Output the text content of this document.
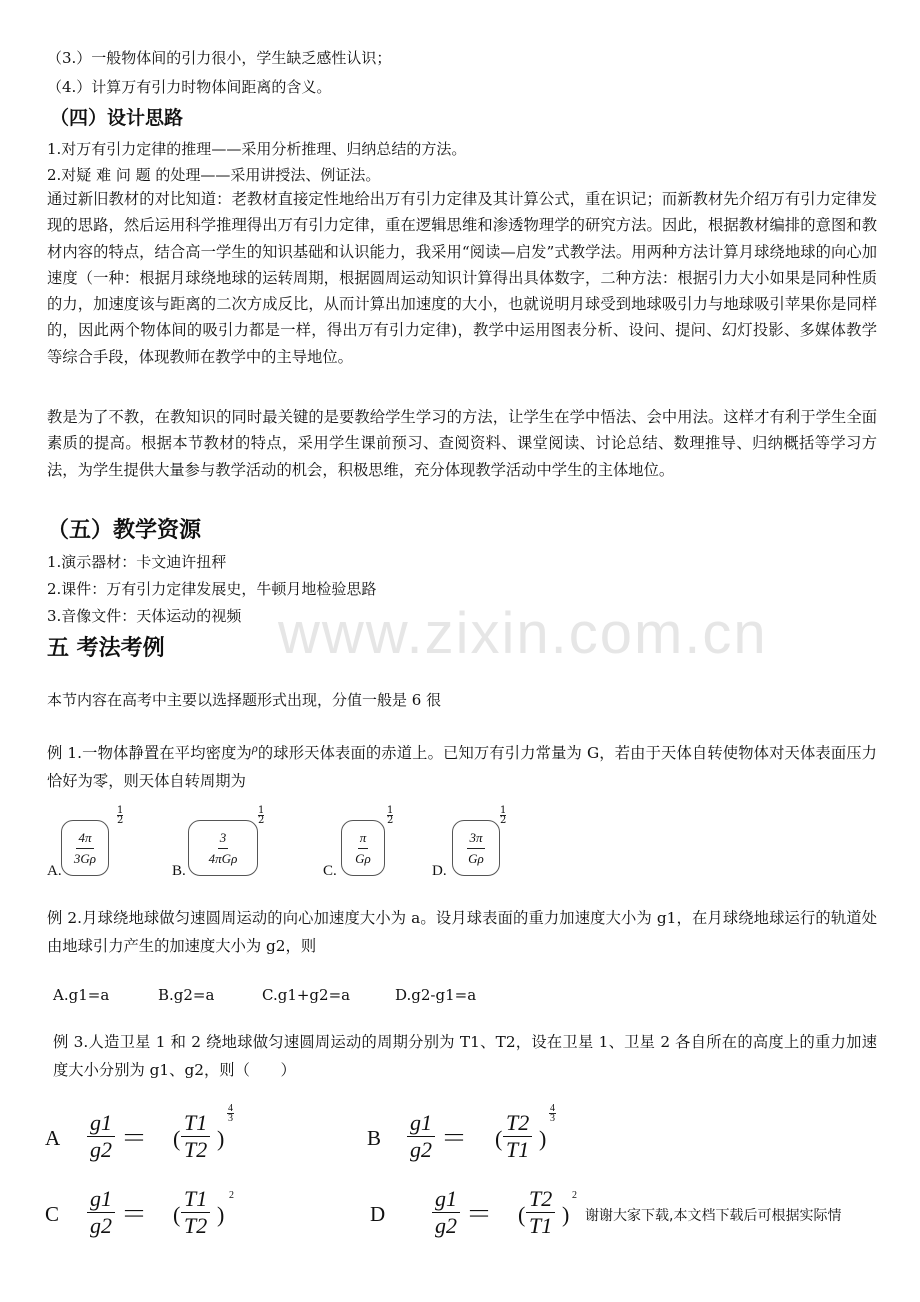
www.zixin.com.cn
（3.）一般物体间的引力很小，学生缺乏感性认识；
（4.）计算万有引力时物体间距离的含义。
（四）设计思路
1.对万有引力定律的推理——采用分析推理、归纳总结的方法。
2.对疑 难 问 题 的处理——采用讲授法、例证法。
通过新旧教材的对比知道：老教材直接定性地给出万有引力定律及其计算公式，重在识记；而新教材先介绍万有引力定律发现的思路，然后运用科学推理得出万有引力定律，重在逻辑思维和渗透物理学的研究方法。因此，根据教材编排的意图和教材内容的特点，结合高一学生的知识基础和认识能力，我采用“阅读—启发”式教学法。用两种方法计算月球绕地球的向心加速度（一种：根据月球绕地球的运转周期，根据圆周运动知识计算得出具体数字，二种方法：根据引力大小如果是同种性质的力，加速度该与距离的二次方成反比，从而计算出加速度的大小，也就说明月球受到地球吸引力与地球吸引苹果你是同样的，因此两个物体间的吸引力都是一样，得出万有引力定律)，教学中运用图表分析、设问、提问、幻灯投影、多媒体教学等综合手段，体现教师在教学中的主导地位。
教是为了不教，在教知识的同时最关键的是要教给学生学习的方法，让学生在学中悟法、会中用法。这样才有利于学生全面素质的提高。根据本节教材的特点，采用学生课前预习、查阅资料、课堂阅读、讨论总结、数理推导、归纳概括等学习方法，为学生提供大量参与教学活动的机会，积极思维，充分体现教学活动中学生的主体地位。
（五）教学资源
1.演示器材：卡文迪许扭秤
2.课件：万有引力定律发展史，牛顿月地检验思路
3.音像文件：天体运动的视频
五 考法考例
本节内容在高考中主要以选择题形式出现，分值一般是 6 很
例 1.一物体静置在平均密度为$^\rho$的球形天体表面的赤道上。已知万有引力常量为 G，若由于天体自转使物体对天体表面压力恰好为零，则天体自转周期为
A.
$\frac{4\pi}{3G\rho}$
$\frac{1}{2}$
B.
$\frac{3}{\text{4πGρ}}$
$\frac{1}{2}$
C.
$\frac{\pi}{G\rho}$
$\frac{1}{2}$
D.
$\frac{3\pi}{G\rho}$
$\frac{1}{2}$
例 2.月球绕地球做匀速圆周运动的向心加速度大小为 a。设月球表面的重力加速度大小为 g1，在月球绕地球运行的轨道处由地球引力产生的加速度大小为 g2，则
A.g1=a	B.g2=a	C.g1+g2=a	D.g2-g1=a
例 3.人造卫星 1 和 2 绕地球做匀速圆周运动的周期分别为 T1、T2，设在卫星 1、卫星 2 各自所在的高度上的重力加速度大小分别为 g1、g2，则（　　）
A $\frac{g1}{g2}$ ＝ ( $\frac{T1}{T2}$ )
$\frac{4}{3}$
B $\frac{g1}{g2}$ ＝ ( $\frac{T2}{T1}$ )
$\frac{4}{3}$
C $\frac{g1}{g2}$ ＝ ( $\frac{T1}{T2}$ )
2
D $\frac{g1}{g2}$ ＝ ( $\frac{T2}{T1}$ )
2
谢谢大家下载,本文档下载后可根据实际情
